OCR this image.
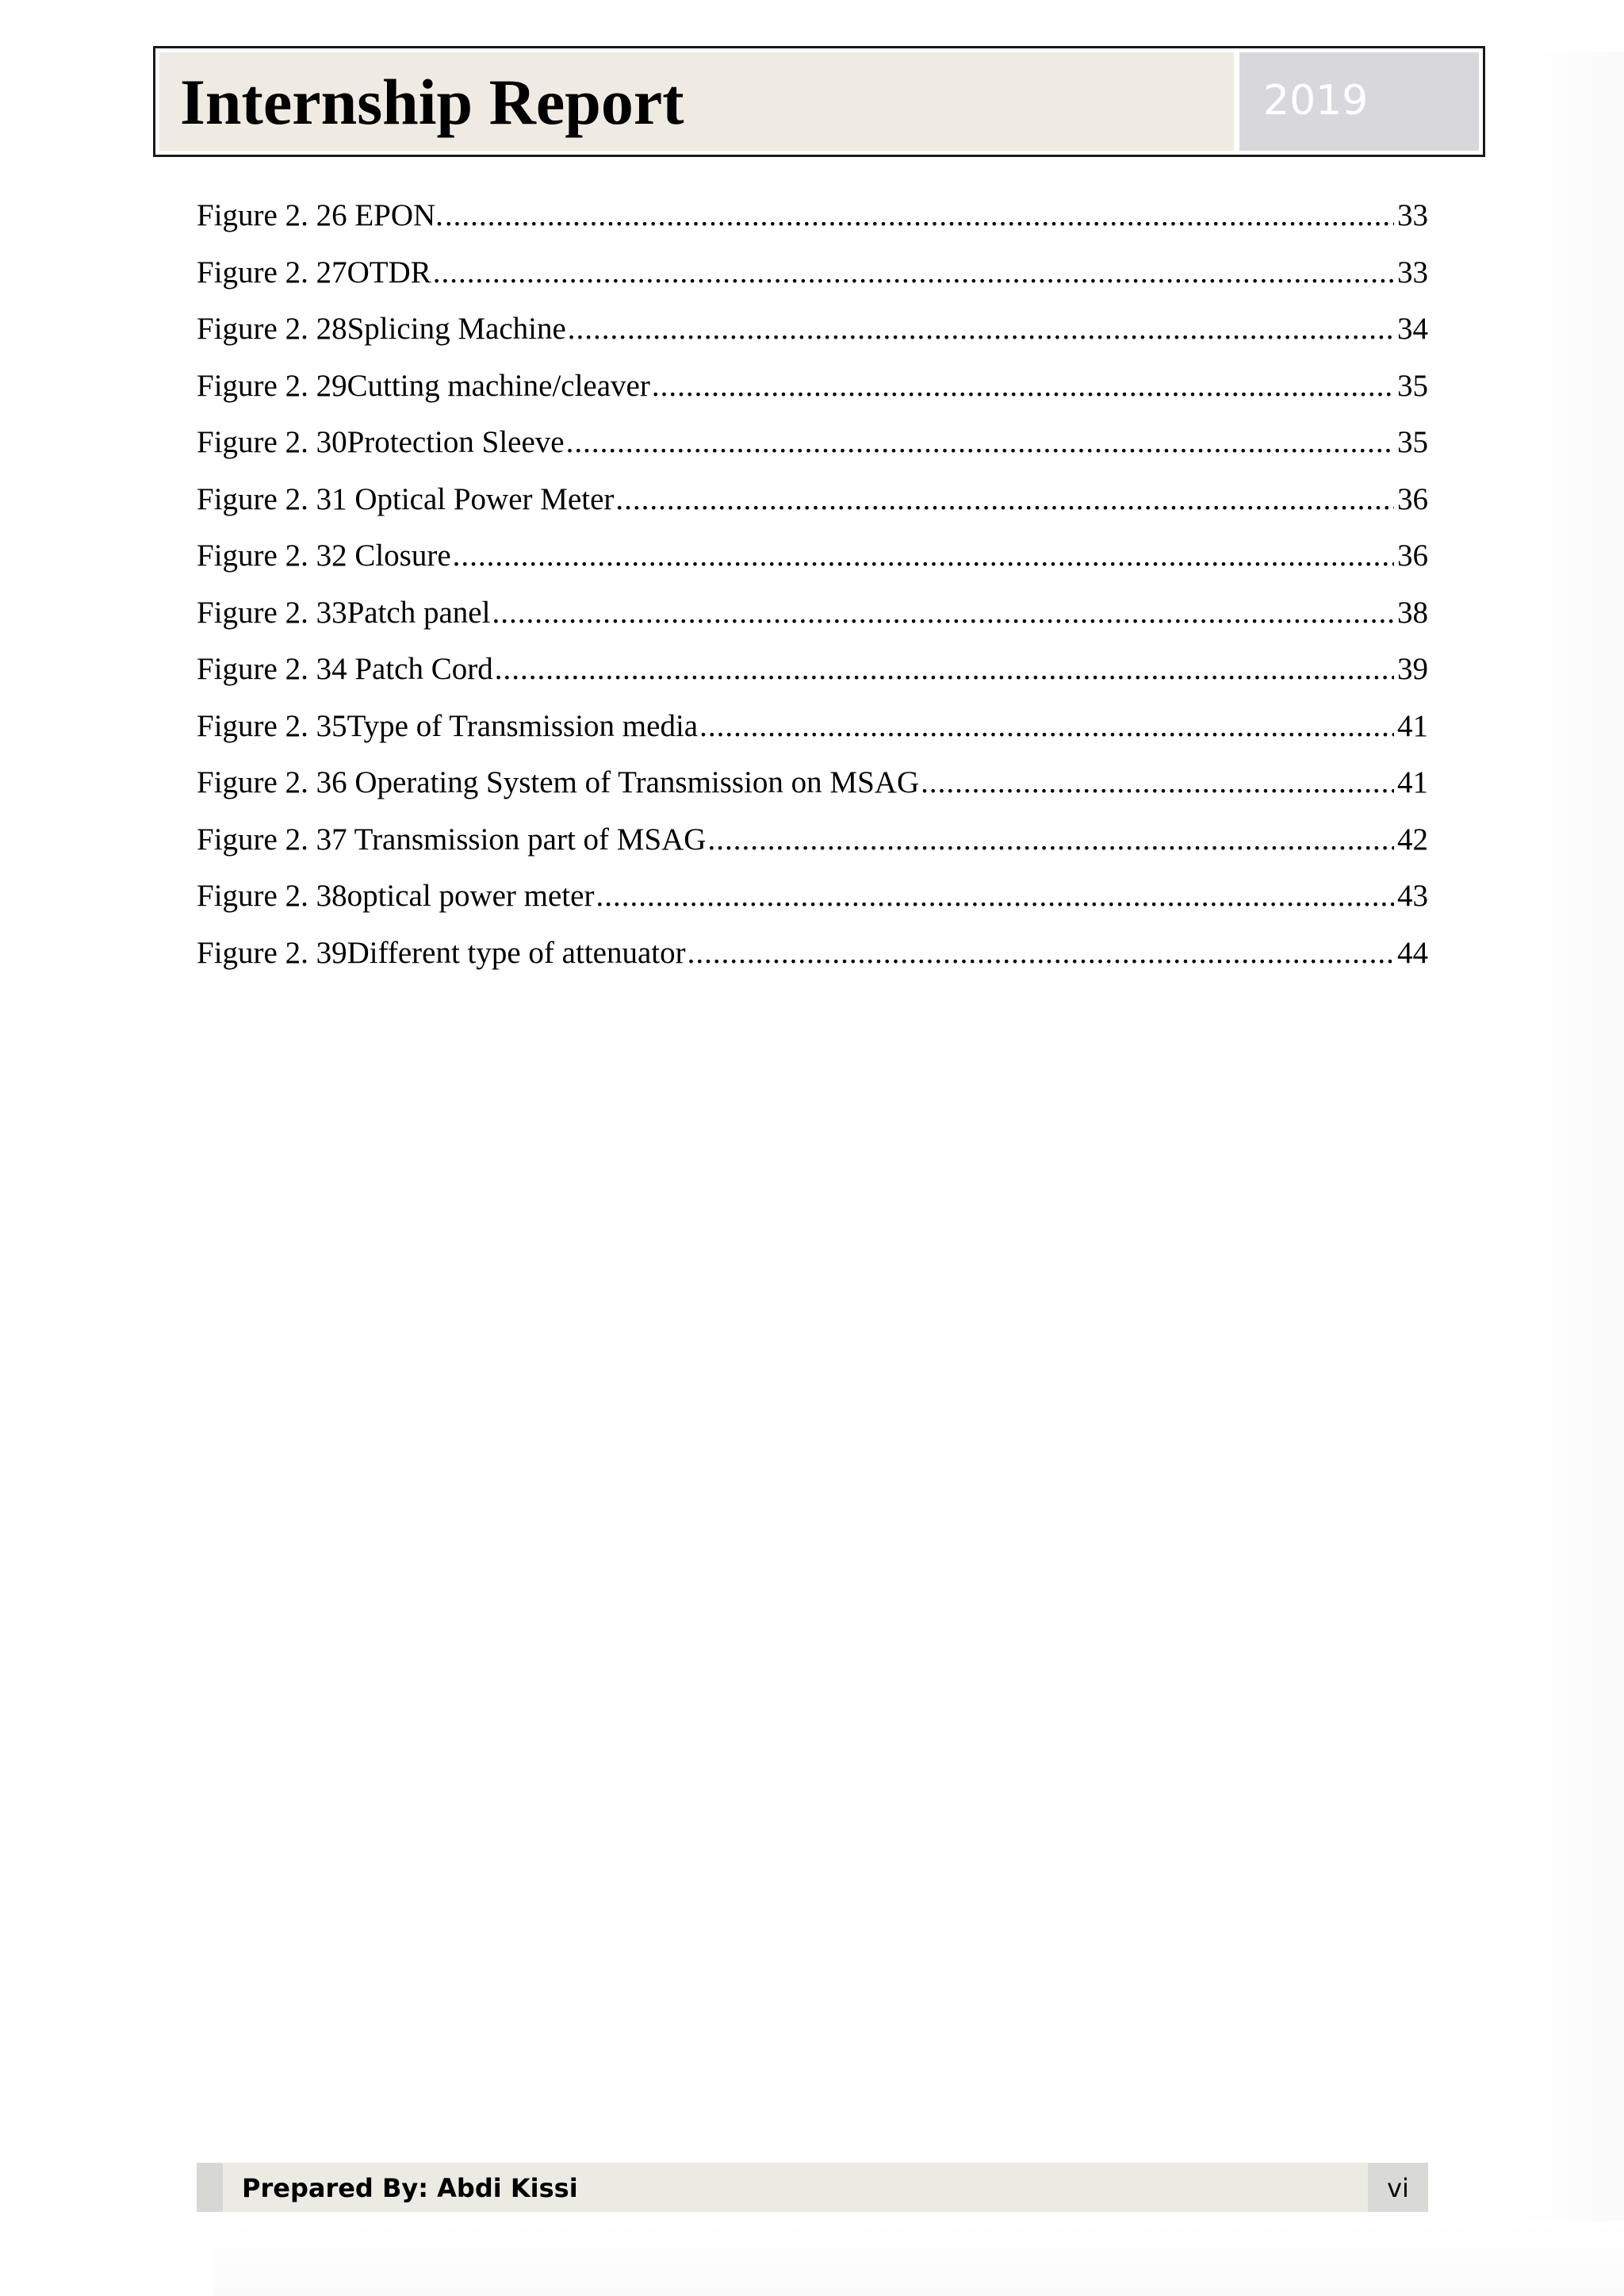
Internship Report	2019
Figure 2. 26 EPON. .....	33
Figure 2. 27OTDR .....	33
Figure 2. 28Splicing Machine .....	34
Figure 2. 29Cutting machine/cleaver .....	35
Figure 2. 30Protection Sleeve .....	35
Figure 2. 31 Optical Power Meter .....	36
Figure 2. 32 Closure .....	36
Figure 2. 33Patch panel .....	38
Figure 2. 34 Patch Cord .....	39
Figure 2. 35Type of Transmission media .....	41
Figure 2. 36 Operating System of Transmission on MSAG .....	41
Figure 2. 37 Transmission part of MSAG .....	42
Figure 2. 38optical power meter .....	43
Figure 2. 39Different type of attenuator .....	44
Prepared By: Abdi Kissi	vi
